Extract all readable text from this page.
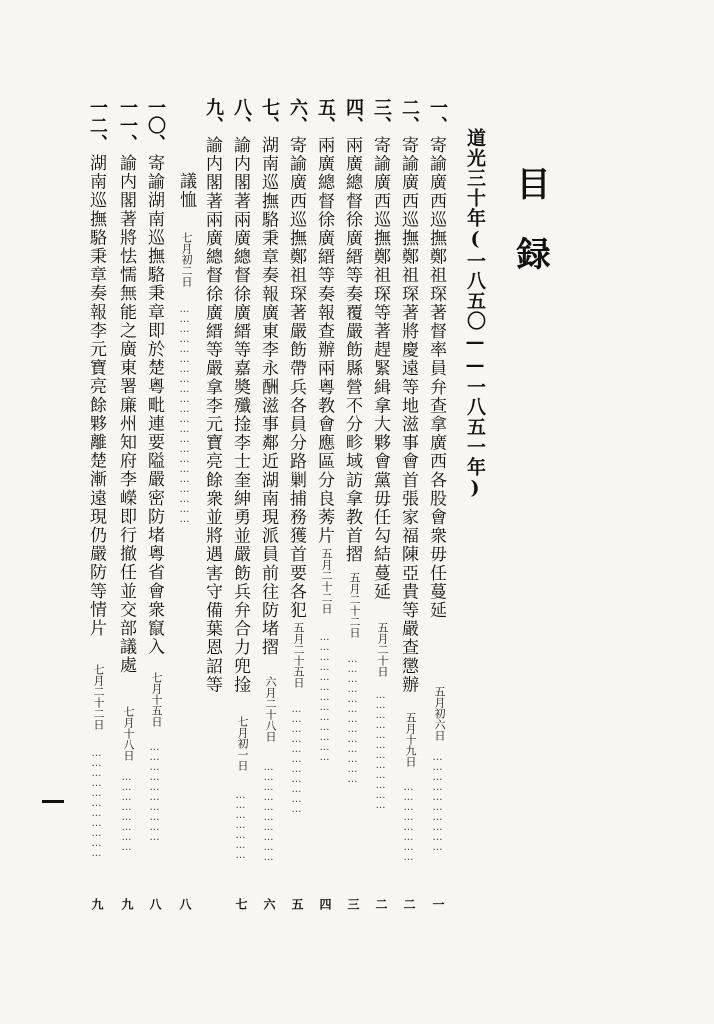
目録
道光三十年(一八五〇——一八五一年)
一、
寄諭廣西巡撫鄭祖琛著督率員弁查拿廣西各股會衆毋任蔓延
五月初六日
…………………………
一
二、
寄諭廣西巡撫鄭祖琛著將慶遠等地滋事會首張家福陳亞貴等嚴查懲辦
五月十九日
……………………
二
三、
寄諭廣西巡撫鄭祖琛等著趕緊緝拿大夥會黨毋任勾結蔓延
五月二十日
………………………………
二
四、
兩廣總督徐廣縉等奏覆嚴飭縣營不分畛域訪拿教首摺
五月二十二日
…………………………………
三
五、
兩廣總督徐廣縉等奏報查辦兩粵教會應區分良莠片
五月二十二日
…………………………………
四
六、
寄諭廣西巡撫鄭祖琛著嚴飭帶兵各員分路剿捕務獲首要各犯
五月二十五日
……………………………
五
七、
湖南巡撫駱秉章奏報廣東李永酬滋事鄰近湖南現派員前往防堵摺
六月二十八日
…………………………
六
八、
諭内閣著兩廣總督徐廣縉等嘉奬殲捦李士奎紳勇並嚴飭兵弁合力兜捦
七月初一日
…………………
七
九、
諭内閣著兩廣總督徐廣縉等嚴拿李元寶亮餘衆並將遇害守備葉恩詔等
議恤
七月初二日
…………………………………………………………
八
一〇、
寄諭湖南巡撫駱秉章即於楚粵毗連要隘嚴密防堵粵省會衆竄入
七月十五日
…………………………
八
一一、
諭内閣著將怯懦無能之廣東署廉州知府李嶸即行撤任並交部議處
七月十八日
……………………
九
一二、
湖南巡撫駱秉章奏報李元寶亮餘夥離楚漸遠現仍嚴防等情片
七月二十二日
……………………………
九
